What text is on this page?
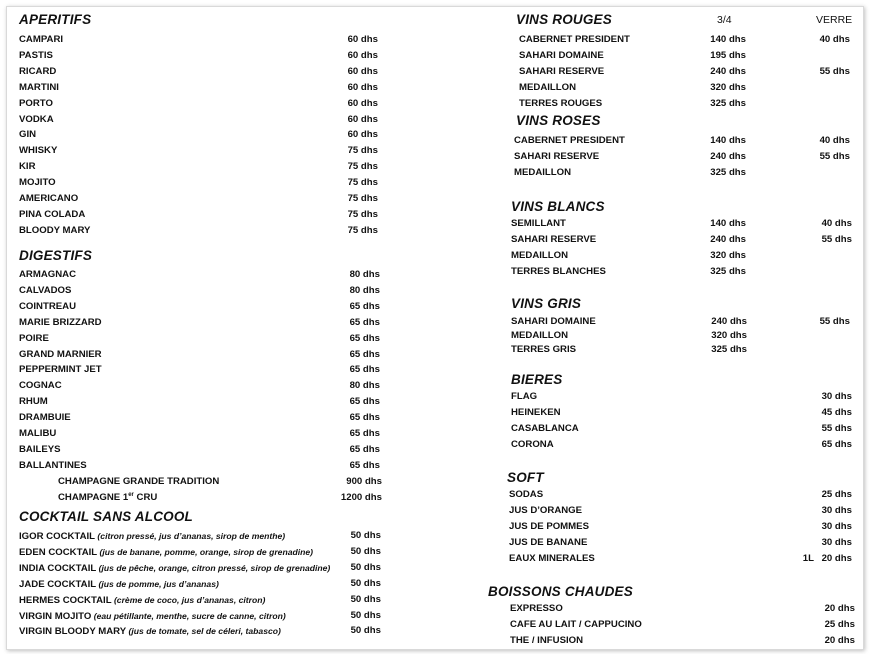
APERITIFS
CAMPARI	60 dhs
PASTIS	60 dhs
RICARD	60 dhs
MARTINI	60 dhs
PORTO	60 dhs
VODKA	60 dhs
GIN	60 dhs
WHISKY	75 dhs
KIR	75 dhs
MOJITO	75 dhs
AMERICANO	75 dhs
PINA COLADA	75 dhs
BLOODY MARY	75 dhs
DIGESTIFS
ARMAGNAC	80 dhs
CALVADOS	80 dhs
COINTREAU	65 dhs
MARIE BRIZZARD	65 dhs
POIRE	65 dhs
GRAND MARNIER	65 dhs
PEPPERMINT JET	65 dhs
COGNAC	80 dhs
RHUM	65 dhs
DRAMBUIE	65 dhs
MALIBU	65 dhs
BAILEYS	65 dhs
BALLANTINES	65 dhs
CHAMPAGNE GRANDE TRADITION	900 dhs
CHAMPAGNE 1er CRU	1200 dhs
COCKTAIL SANS ALCOOL
IGOR COCKTAIL (citron pressé, jus d’ananas, sirop de menthe)	50 dhs
EDEN COCKTAIL (jus de banane, pomme, orange, sirop de grenadine)	50 dhs
INDIA COCKTAIL (jus de pêche, orange, citron pressé, sirop de grenadine) 50 dhs
JADE COCKTAIL (jus de pomme, jus d’ananas)	50 dhs
HERMES COCKTAIL (crème de coco, jus d’ananas, citron)	50 dhs
VIRGIN MOJITO (eau pétillante, menthe, sucre de canne, citron)	50 dhs
VIRGIN BLOODY MARY (jus de tomate, sel de céleri, tabasco)	50 dhs
VINS ROUGES	3/4	VERRE
CABERNET PRESIDENT	140 dhs	40 dhs
SAHARI DOMAINE	195 dhs
SAHARI RESERVE	240 dhs	55 dhs
MEDAILLON	320 dhs
TERRES ROUGES	325 dhs
VINS ROSES
CABERNET PRESIDENT	140 dhs	40 dhs
SAHARI RESERVE	240 dhs	55 dhs
MEDAILLON	325 dhs
VINS BLANCS
SEMILLANT	140 dhs	40 dhs
SAHARI RESERVE	240 dhs	55 dhs
MEDAILLON	320 dhs
TERRES BLANCHES	325 dhs
VINS GRIS
SAHARI DOMAINE	240 dhs	55 dhs
MEDAILLON	320 dhs
TERRES GRIS	325 dhs
BIERES
FLAG	30 dhs
HEINEKEN	45 dhs
CASABLANCA	55 dhs
CORONA	65 dhs
SOFT
SODAS	25 dhs
JUS D’ORANGE	30 dhs
JUS DE POMMES	30 dhs
JUS DE BANANE	30 dhs
EAUX MINERALES	1L 20 dhs
BOISSONS CHAUDES
EXPRESSO	20 dhs
CAFE AU LAIT / CAPPUCINO	25 dhs
THE / INFUSION	20 dhs
